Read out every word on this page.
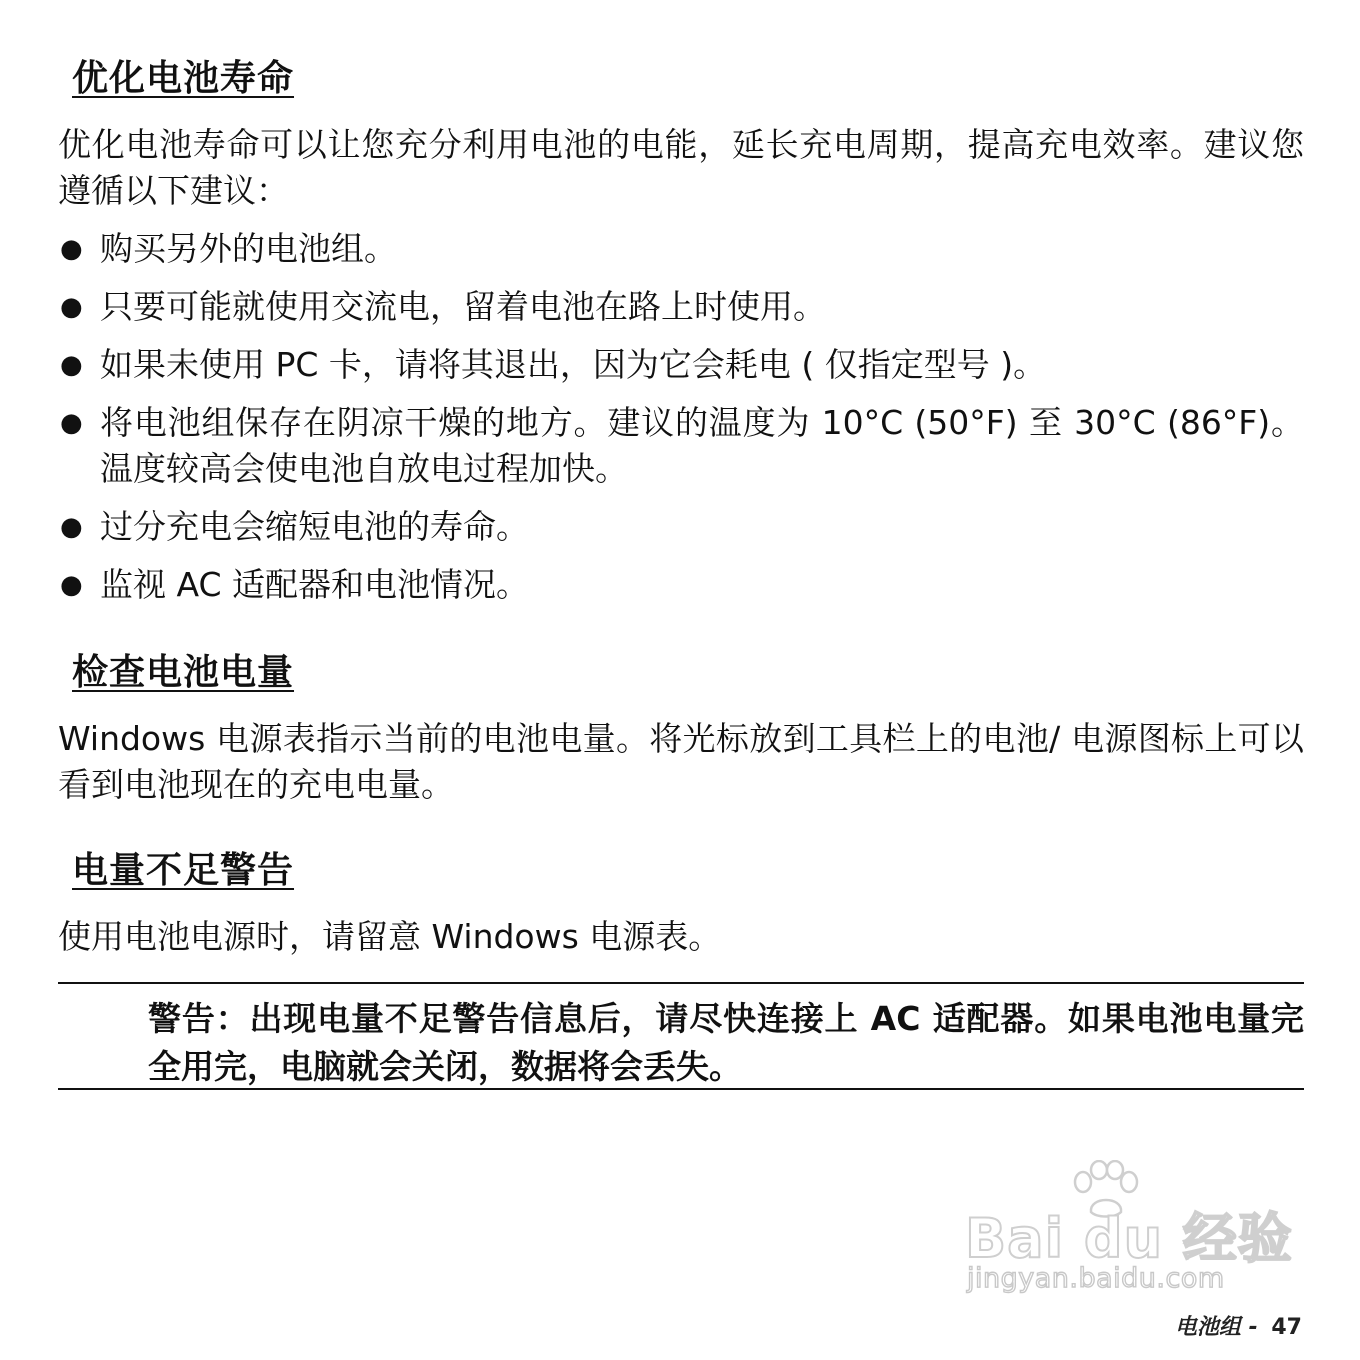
优化电池寿命
优化电池寿命可以让您充分利用电池的电能，延长充电周期，提高充电效率。建议您遵循以下建议：
● 购买另外的电池组。
● 只要可能就使用交流电，留着电池在路上时使用。
● 如果未使用 PC 卡，请将其退出，因为它会耗电 ( 仅指定型号 )。
● 将电池组保存在阴凉干燥的地方。建议的温度为 10°C (50°F) 至 30°C (86°F)。温度较高会使电池自放电过程加快。
● 过分充电会缩短电池的寿命。
● 监视 AC 适配器和电池情况。
检查电池电量
Windows 电源表指示当前的电池电量。将光标放到工具栏上的电池/ 电源图标上可以看到电池现在的充电电量。
电量不足警告
使用电池电源时，请留意 Windows 电源表。
警告：出现电量不足警告信息后，请尽快连接上 AC 适配器。如果电池电量完全用完，电脑就会关闭，数据将会丢失。
Bai du 经验
jingyan.baidu.com
电池组 - 47
